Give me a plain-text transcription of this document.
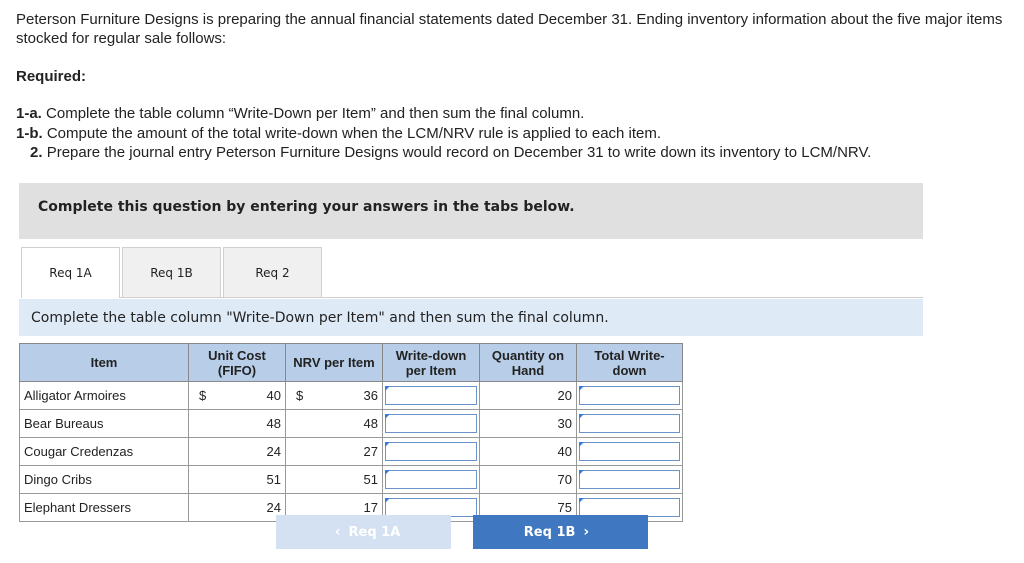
Peterson Furniture Designs is preparing the annual financial statements dated December 31. Ending inventory information about the five major items stocked for regular sale follows:
Required:
1-a. Complete the table column “Write-Down per Item” and then sum the final column.
1-b. Compute the amount of the total write-down when the LCM/NRV rule is applied to each item.
2. Prepare the journal entry Peterson Furniture Designs would record on December 31 to write down its inventory to LCM/NRV.
Complete this question by entering your answers in the tabs below.
Req 1A	Req 1B	Req 2
Complete the table column "Write-Down per Item" and then sum the final column.
Item	Unit Cost (FIFO)	NRV per Item	Write-down per Item	Quantity on Hand	Total Write-down
Alligator Armoires	$ 40	$ 36		20	

Bear Bureaus	48	48		30	

Cougar Credenzas	24	27		40	

Dingo Cribs	51	51		70	

Elephant Dressers	24	17		75	
‹ Req 1A	Req 1B ›
